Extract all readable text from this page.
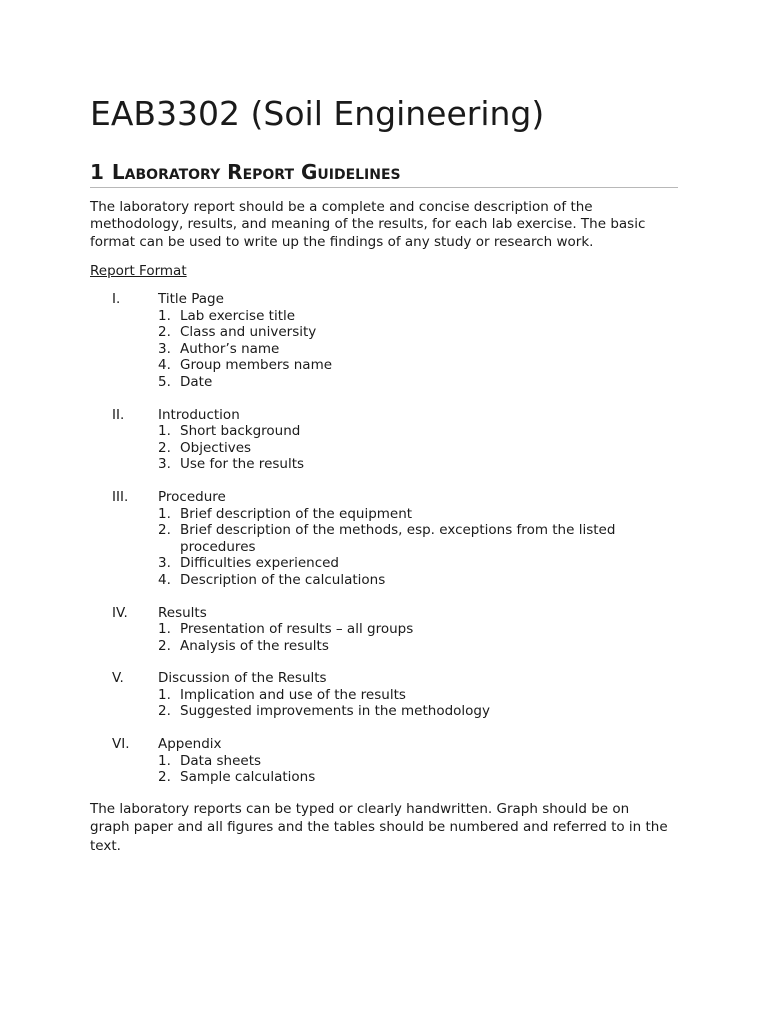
EAB3302 (Soil Engineering)
1 Laboratory Report Guidelines

The laboratory report should be a complete and concise description of the methodology, results, and meaning of the results, for each lab exercise. The basic format can be used to write up the findings of any study or research work.

Report Format

I.	Title Page
1. Lab exercise title
2. Class and university
3. Author’s name
4. Group members name
5. Date
II. Introduction
1. Short background
2. Objectives
3. Use for the results
III. Procedure
1. Brief description of the equipment
2. Brief description of the methods, esp. exceptions from the listed procedures
3. Difficulties experienced
4. Description of the calculations
IV. Results
1. Presentation of results – all groups
2. Analysis of the results
V.	Discussion of the Results
1. Implication and use of the results
2. Suggested improvements in the methodology
VI. Appendix
1. Data sheets
2. Sample calculations

The laboratory reports can be typed or clearly handwritten. Graph should be on graph paper and all figures and the tables should be numbered and referred to in the text.
